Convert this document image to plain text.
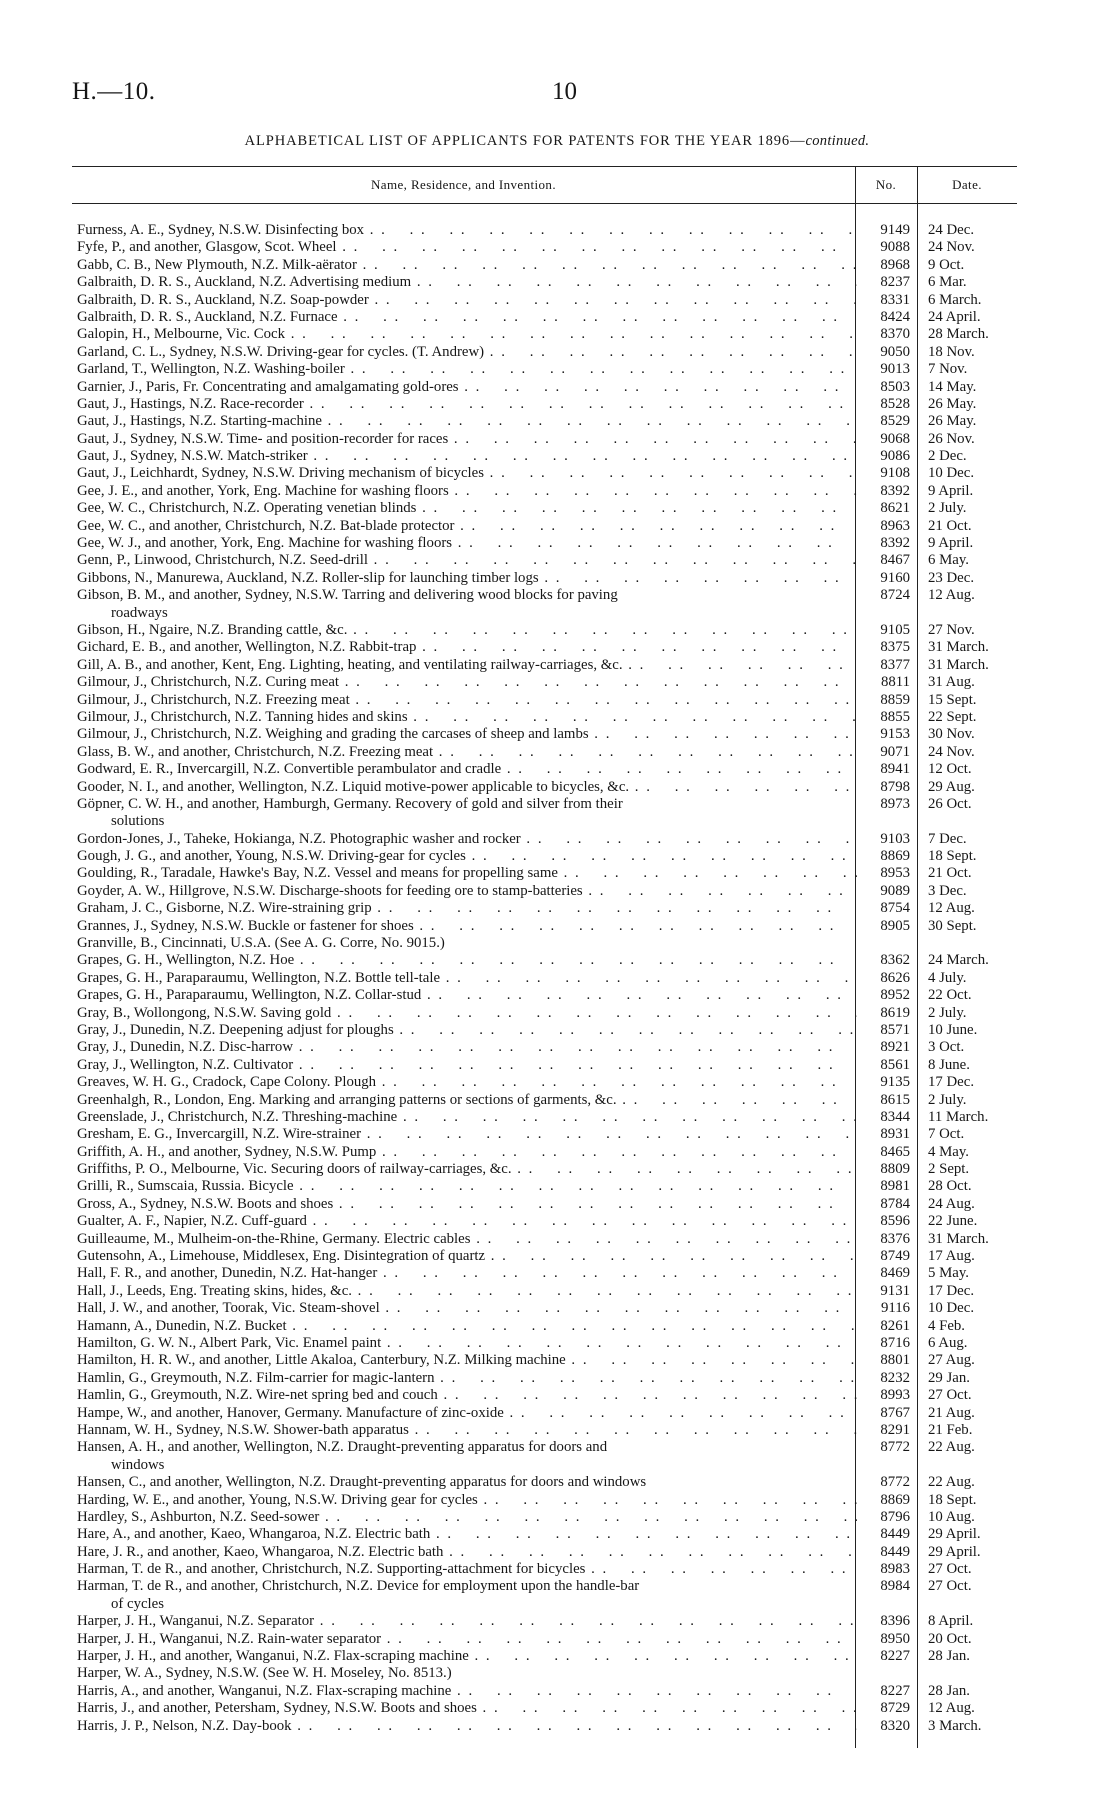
H.—10.	10
ALPHABETICAL LIST OF APPLICANTS FOR PATENTS FOR THE YEAR 1896—continued.
Name, Residence, and Invention.	No.	Date.
Furness, A. E., Sydney, N.S.W. Disinfecting box . .	9149 24 Dec.
Fyfe, P., and another, Glasgow, Scot. Wheel . .	9088 24 Nov.
Gabb, C. B., New Plymouth, N.Z. Milk-aërator . .	8968 9 Oct.
Galbraith, D. R. S., Auckland, N.Z. Advertising medium . .	8237 6 Mar.
Galbraith, D. R. S., Auckland, N.Z. Soap-powder . .	8331 6 March.
Galbraith, D. R. S., Auckland, N.Z. Furnace . .	8424 24 April.
Galopin, H., Melbourne, Vic. Cock . .	8370 28 March.
Garland, C. L., Sydney, N.S.W. Driving-gear for cycles. (T. Andrew) . .	9050 18 Nov.
Garland, T., Wellington, N.Z. Washing-boiler . .	9013 7 Nov.
Garnier, J., Paris, Fr. Concentrating and amalgamating gold-ores . .	8503 14 May.
Gaut, J., Hastings, N.Z. Race-recorder . .	8528 26 May.
Gaut, J., Hastings, N.Z. Starting-machine . .	8529 26 May.
Gaut, J., Sydney, N.S.W. Time- and position-recorder for races . .	9068 26 Nov.
Gaut, J., Sydney, N.S.W. Match-striker . .	9086 2 Dec.
Gaut, J., Leichhardt, Sydney, N.S.W. Driving mechanism of bicycles . .	9108 10 Dec.
Gee, J. E., and another, York, Eng. Machine for washing floors . .	8392 9 April.
Gee, W. C., Christchurch, N.Z. Operating venetian blinds . .	8621 2 July.
Gee, W. C., and another, Christchurch, N.Z. Bat-blade protector . .	8963 21 Oct.
Gee, W. J., and another, York, Eng. Machine for washing floors . .	8392 9 April.
Genn, P., Linwood, Christchurch, N.Z. Seed-drill . .	8467 6 May.
Gibbons, N., Manurewa, Auckland, N.Z. Roller-slip for launching timber logs . .	9160 23 Dec.
Gibson, B. M., and another, Sydney, N.S.W. Tarring and delivering wood blocks for paving	8724 12 Aug.
roadways
Gibson, H., Ngaire, N.Z. Branding cattle, &c. . .	9105 27 Nov.
Gichard, E. B., and another, Wellington, N.Z. Rabbit-trap . .	8375 31 March.
Gill, A. B., and another, Kent, Eng. Lighting, heating, and ventilating railway-carriages, &c. . .	8377 31 March.
Gilmour, J., Christchurch, N.Z. Curing meat . .	8811 31 Aug.
Gilmour, J., Christchurch, N.Z. Freezing meat . .	8859 15 Sept.
Gilmour, J., Christchurch, N.Z. Tanning hides and skins . .	8855 22 Sept.
Gilmour, J., Christchurch, N.Z. Weighing and grading the carcases of sheep and lambs . .	9153 30 Nov.
Glass, B. W., and another, Christchurch, N.Z. Freezing meat . .	9071 24 Nov.
Godward, E. R., Invercargill, N.Z. Convertible perambulator and cradle . .	8941 12 Oct.
Gooder, N. I., and another, Wellington, N.Z. Liquid motive-power applicable to bicycles, &c. . .	8798 29 Aug.
Göpner, C. W. H., and another, Hamburgh, Germany. Recovery of gold and silver from their	8973 26 Oct.
solutions
Gordon-Jones, J., Taheke, Hokianga, N.Z. Photographic washer and rocker . .	9103 7 Dec.
Gough, J. G., and another, Young, N.S.W. Driving-gear for cycles . .	8869 18 Sept.
Goulding, R., Taradale, Hawke's Bay, N.Z. Vessel and means for propelling same . .	8953 21 Oct.
Goyder, A. W., Hillgrove, N.S.W. Discharge-shoots for feeding ore to stamp-batteries . .	9089 3 Dec.
Graham, J. C., Gisborne, N.Z. Wire-straining grip . .	8754 12 Aug.
Grannes, J., Sydney, N.S.W. Buckle or fastener for shoes . .	8905 30 Sept.
Granville, B., Cincinnati, U.S.A. (See A. G. Corre, No. 9015.)
Grapes, G. H., Wellington, N.Z. Hoe . .	8362 24 March.
Grapes, G. H., Paraparaumu, Wellington, N.Z. Bottle tell-tale . .	8626 4 July.
Grapes, G. H., Paraparaumu, Wellington, N.Z. Collar-stud . .	8952 22 Oct.
Gray, B., Wollongong, N.S.W. Saving gold . .	8619 2 July.
Gray, J., Dunedin, N.Z. Deepening adjust for ploughs . .	8571 10 June.
Gray, J., Dunedin, N.Z. Disc-harrow . .	8921 3 Oct.
Gray, J., Wellington, N.Z. Cultivator . .	8561 8 June.
Greaves, W. H. G., Cradock, Cape Colony. Plough . .	9135 17 Dec.
Greenhalgh, R., London, Eng. Marking and arranging patterns or sections of garments, &c. . .	8615 2 July.
Greenslade, J., Christchurch, N.Z. Threshing-machine . .	8344 11 March.
Gresham, E. G., Invercargill, N.Z. Wire-strainer . .	8931 7 Oct.
Griffith, A. H., and another, Sydney, N.S.W. Pump . .	8465 4 May.
Griffiths, P. O., Melbourne, Vic. Securing doors of railway-carriages, &c. . .	8809 2 Sept.
Grilli, R., Sumscaia, Russia. Bicycle . .	8981 28 Oct.
Gross, A., Sydney, N.S.W. Boots and shoes . .	8784 24 Aug.
Gualter, A. F., Napier, N.Z. Cuff-guard . .	8596 22 June.
Guilleaume, M., Mulheim-on-the-Rhine, Germany. Electric cables . .	8376 31 March.
Gutensohn, A., Limehouse, Middlesex, Eng. Disintegration of quartz . .	8749 17 Aug.
Hall, F. R., and another, Dunedin, N.Z. Hat-hanger . .	8469 5 May.
Hall, J., Leeds, Eng. Treating skins, hides, &c. . .	9131 17 Dec.
Hall, J. W., and another, Toorak, Vic. Steam-shovel . .	9116 10 Dec.
Hamann, A., Dunedin, N.Z. Bucket . .	8261 4 Feb.
Hamilton, G. W. N., Albert Park, Vic. Enamel paint . .	8716 6 Aug.
Hamilton, H. R. W., and another, Little Akaloa, Canterbury, N.Z. Milking machine . .	8801 27 Aug.
Hamlin, G., Greymouth, N.Z. Film-carrier for magic-lantern . .	8232 29 Jan.
Hamlin, G., Greymouth, N.Z. Wire-net spring bed and couch . .	8993 27 Oct.
Hampe, W., and another, Hanover, Germany. Manufacture of zinc-oxide . .	8767 21 Aug.
Hannam, W. H., Sydney, N.S.W. Shower-bath apparatus . .	8291 21 Feb.
Hansen, A. H., and another, Wellington, N.Z. Draught-preventing apparatus for doors and	8772 22 Aug.
windows
Hansen, C., and another, Wellington, N.Z. Draught-preventing apparatus for doors and windows	8772 22 Aug.
Harding, W. E., and another, Young, N.S.W. Driving gear for cycles . .	8869 18 Sept.
Hardley, S., Ashburton, N.Z. Seed-sower . .	8796 10 Aug.
Hare, A., and another, Kaeo, Whangaroa, N.Z. Electric bath . .	8449 29 April.
Hare, J. R., and another, Kaeo, Whangaroa, N.Z. Electric bath . .	8449 29 April.
Harman, T. de R., and another, Christchurch, N.Z. Supporting-attachment for bicycles . .	8983 27 Oct.
Harman, T. de R., and another, Christchurch, N.Z. Device for employment upon the handle-bar	8984 27 Oct.
of cycles
Harper, J. H., Wanganui, N.Z. Separator . .	8396 8 April.
Harper, J. H., Wanganui, N.Z. Rain-water separator . .	8950 20 Oct.
Harper, J. H., and another, Wanganui, N.Z. Flax-scraping machine . .	8227 28 Jan.
Harper, W. A., Sydney, N.S.W. (See W. H. Moseley, No. 8513.)
Harris, A., and another, Wanganui, N.Z. Flax-scraping machine . .	8227 28 Jan.
Harris, J., and another, Petersham, Sydney, N.S.W. Boots and shoes . .	8729 12 Aug.
Harris, J. P., Nelson, N.Z. Day-book . .	8320 3 March.
